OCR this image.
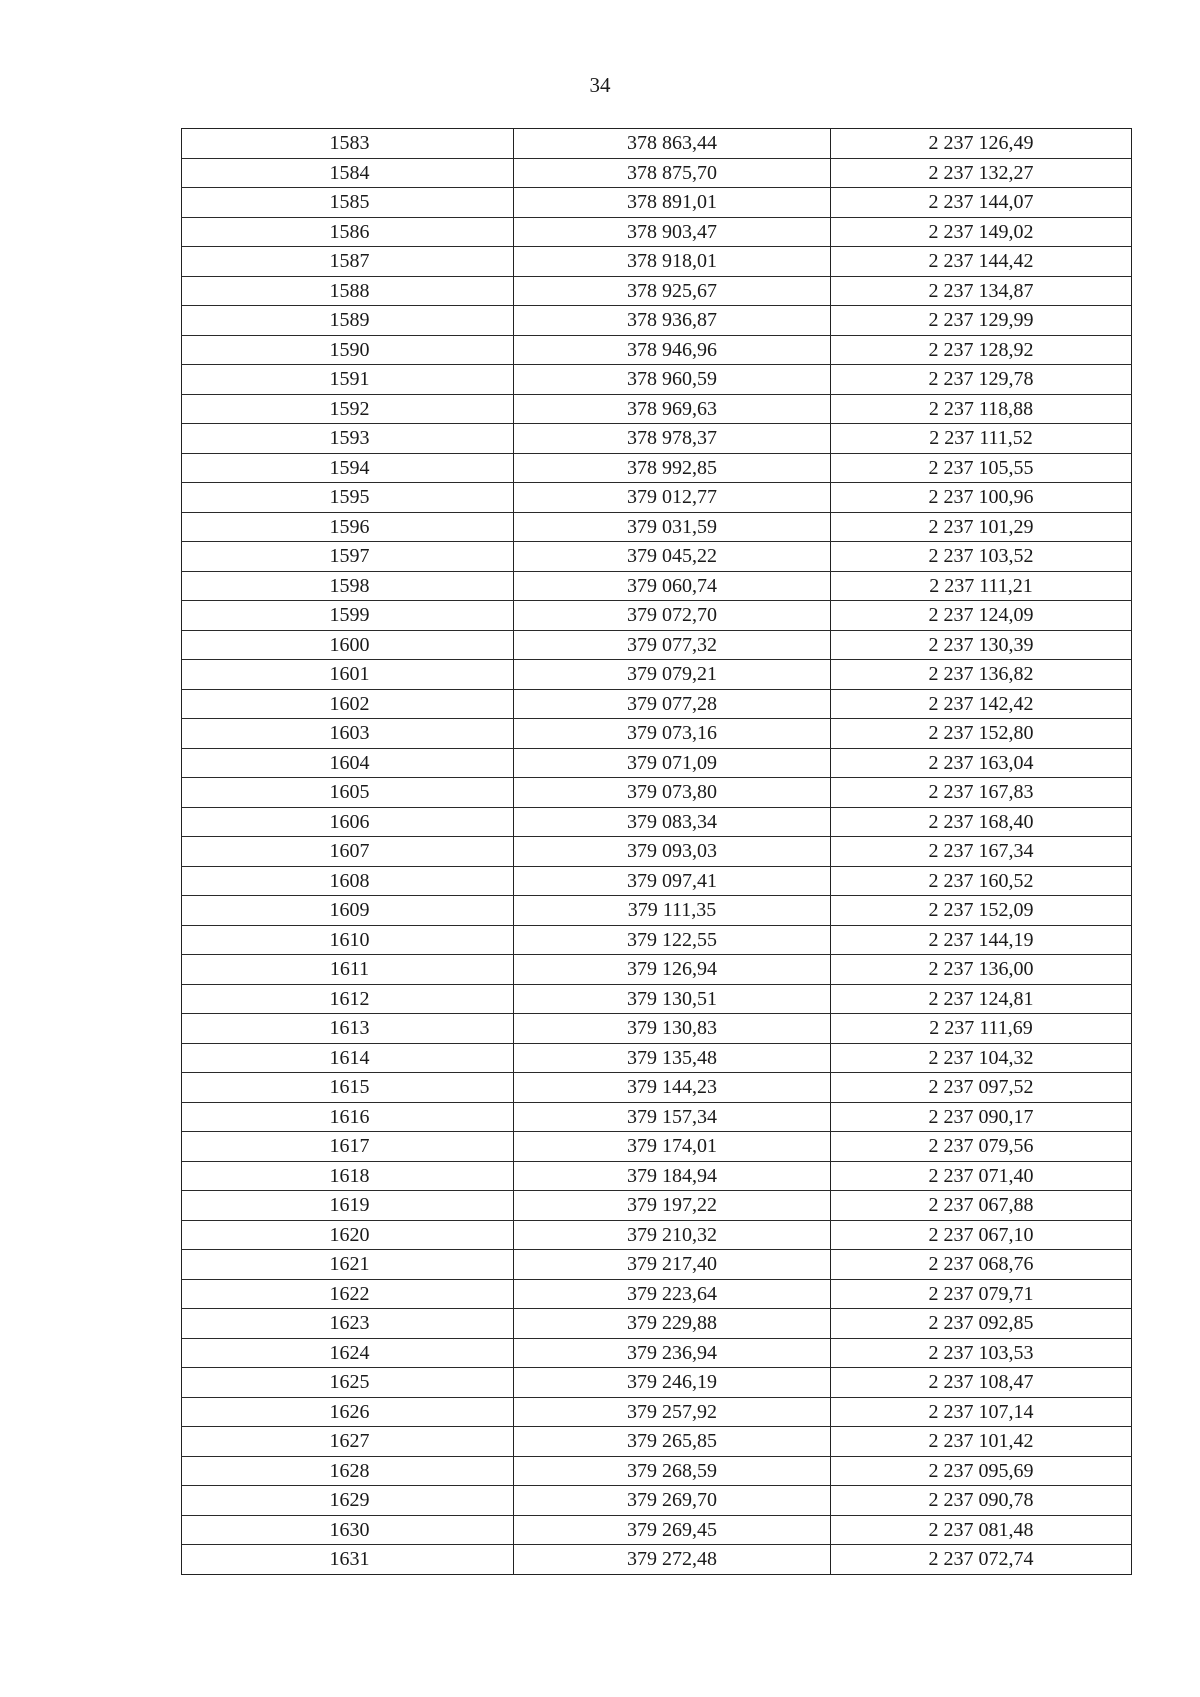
34
1583	378 863,44	2 237 126,49
1584	378 875,70	2 237 132,27
1585	378 891,01	2 237 144,07
1586	378 903,47	2 237 149,02
1587	378 918,01	2 237 144,42
1588	378 925,67	2 237 134,87
1589	378 936,87	2 237 129,99
1590	378 946,96	2 237 128,92
1591	378 960,59	2 237 129,78
1592	378 969,63	2 237 118,88
1593	378 978,37	2 237 111,52
1594	378 992,85	2 237 105,55
1595	379 012,77	2 237 100,96
1596	379 031,59	2 237 101,29
1597	379 045,22	2 237 103,52
1598	379 060,74	2 237 111,21
1599	379 072,70	2 237 124,09
1600	379 077,32	2 237 130,39
1601	379 079,21	2 237 136,82
1602	379 077,28	2 237 142,42
1603	379 073,16	2 237 152,80
1604	379 071,09	2 237 163,04
1605	379 073,80	2 237 167,83
1606	379 083,34	2 237 168,40
1607	379 093,03	2 237 167,34
1608	379 097,41	2 237 160,52
1609	379 111,35	2 237 152,09
1610	379 122,55	2 237 144,19
1611	379 126,94	2 237 136,00
1612	379 130,51	2 237 124,81
1613	379 130,83	2 237 111,69
1614	379 135,48	2 237 104,32
1615	379 144,23	2 237 097,52
1616	379 157,34	2 237 090,17
1617	379 174,01	2 237 079,56
1618	379 184,94	2 237 071,40
1619	379 197,22	2 237 067,88
1620	379 210,32	2 237 067,10
1621	379 217,40	2 237 068,76
1622	379 223,64	2 237 079,71
1623	379 229,88	2 237 092,85
1624	379 236,94	2 237 103,53
1625	379 246,19	2 237 108,47
1626	379 257,92	2 237 107,14
1627	379 265,85	2 237 101,42
1628	379 268,59	2 237 095,69
1629	379 269,70	2 237 090,78
1630	379 269,45	2 237 081,48
1631	379 272,48	2 237 072,74
